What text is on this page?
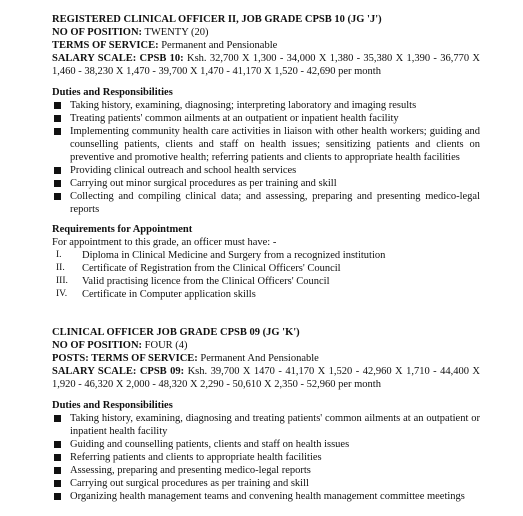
REGISTERED CLINICAL OFFICER II, JOB GRADE CPSB 10 (JG 'J')

NO OF POSITION: TWENTY (20)

TERMS OF SERVICE: Permanent and Pensionable

SALARY SCALE: CPSB 10: Ksh. 32,700 X 1,300 - 34,000 X 1,380 - 35,380 X 1,390 - 36,770 X 1,460 - 38,230 X 1,470 - 39,700 X 1,470 - 41,170 X 1,520 - 42,690 per month

Duties and Responsibilities

Taking history, examining, diagnosing; interpreting laboratory and imaging results
Treating patients' common ailments at an outpatient or inpatient health facility
Implementing community health care activities in liaison with other health workers; guiding and counselling patients, clients and staff on health issues; sensitizing patients and clients on preventive and promotive health; referring patients and clients to appropriate health facilities
Providing clinical outreach and school health services
Carrying out minor surgical procedures as per training and skill
Collecting and compiling clinical data; and assessing, preparing and presenting medico-legal reports

Requirements for Appointment

For appointment to this grade, an officer must have: -

I. Diploma in Clinical Medicine and Surgery from a recognized institution
II. Certificate of Registration from the Clinical Officers' Council
III. Valid practising licence from the Clinical Officers' Council
IV. Certificate in Computer application skills

CLINICAL OFFICER JOB GRADE CPSB 09 (JG 'K')

NO OF POSITION: FOUR (4)

POSTS: TERMS OF SERVICE: Permanent And Pensionable

SALARY SCALE: CPSB 09: Ksh. 39,700 X 1470 - 41,170 X 1,520 - 42,960 X 1,710 - 44,400 X 1,920 - 46,320 X 2,000 - 48,320 X 2,290 - 50,610 X 2,350 - 52,960 per month

Duties and Responsibilities

Taking history, examining, diagnosing and treating patients' common ailments at an outpatient or inpatient health facility
Guiding and counselling patients, clients and staff on health issues
Referring patients and clients to appropriate health facilities
Assessing, preparing and presenting medico-legal reports
Carrying out surgical procedures as per training and skill
Organizing health management teams and convening health management committee meetings
